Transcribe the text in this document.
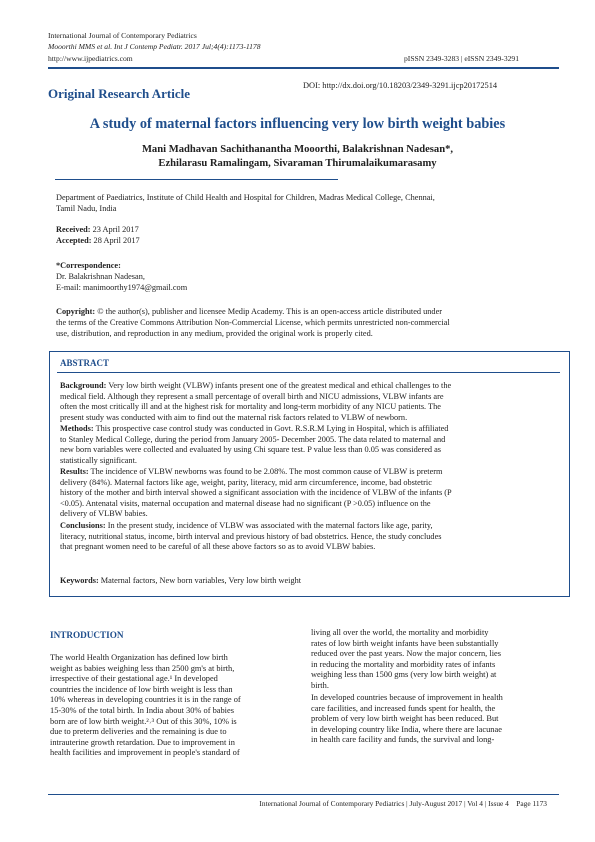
International Journal of Contemporary Pediatrics
Mooorthi MMS et al. Int J Contemp Pediatr. 2017 Jul;4(4):1173-1178
http://www.ijpediatrics.com	pISSN 2349-3283 | eISSN 2349-3291
DOI: http://dx.doi.org/10.18203/2349-3291.ijcp20172514
Original Research Article
A study of maternal factors influencing very low birth weight babies
Mani Madhavan Sachithanantha Mooorthi, Balakrishnan Nadesan*,
Ezhilarasu Ramalingam, Sivaraman Thirumalaikumarasamy
Department of Paediatrics, Institute of Child Health and Hospital for Children, Madras Medical College, Chennai,
Tamil Nadu, India
Received: 23 April 2017
Accepted: 28 April 2017
*Correspondence:
Dr. Balakrishnan Nadesan,
E-mail: manimoorthy1974@gmail.com
Copyright: © the author(s), publisher and licensee Medip Academy. This is an open-access article distributed under
the terms of the Creative Commons Attribution Non-Commercial License, which permits unrestricted non-commercial
use, distribution, and reproduction in any medium, provided the original work is properly cited.
ABSTRACT
Background: Very low birth weight (VLBW) infants present one of the greatest medical and ethical challenges to the
medical field. Although they represent a small percentage of overall birth and NICU admissions, VLBW infants are
often the most critically ill and at the highest risk for mortality and long-term morbidity of any NICU patients. The
present study was conducted with aim to find out the maternal risk factors related to VLBW of newborn.
Methods: This prospective case control study was conducted in Govt. R.S.R.M Lying in Hospital, which is affiliated
to Stanley Medical College, during the period from January 2005- December 2005. The data related to maternal and
new born variables were collected and evaluated by using Chi square test. P value less than 0.05 was considered as
statistically significant.
Results: The incidence of VLBW newborns was found to be 2.08%. The most common cause of VLBW is preterm
delivery (84%). Maternal factors like age, weight, parity, literacy, mid arm circumference, income, bad obstetric
history of the mother and birth interval showed a significant association with the incidence of VLBW of the infants (P
<0.05). Antenatal visits, maternal occupation and maternal disease had no significant (P >0.05) influence on the
delivery of VLBW babies.
Conclusions: In the present study, incidence of VLBW was associated with the maternal factors like age, parity,
literacy, nutritional status, income, birth interval and previous history of bad obstetrics. Hence, the study concludes
that pregnant women need to be careful of all these above factors so as to avoid VLBW babies.
Keywords: Maternal factors, New born variables, Very low birth weight
INTRODUCTION
The world Health Organization has defined low birth
weight as babies weighing less than 2500 gm's at birth,
irrespective of their gestational age.¹ In developed
countries the incidence of low birth weight is less than
10% whereas in developing countries it is in the range of
15-30% of the total birth. In India about 30% of babies
born are of low birth weight.²˒³ Out of this 30%, 10% is
due to preterm deliveries and the remaining is due to
intrauterine growth retardation. Due to improvement in
health facilities and improvement in people's standard of
living all over the world, the mortality and morbidity
rates of low birth weight infants have been substantially
reduced over the past years. Now the major concern, lies
in reducing the mortality and morbidity rates of infants
weighing less than 1500 gms (very low birth weight) at
birth.
In developed countries because of improvement in health
care facilities, and increased funds spent for health, the
problem of very low birth weight has been reduced. But
in developing country like India, where there are lacunae
in health care facility and funds, the survival and long-
International Journal of Contemporary Pediatrics | July-August 2017 | Vol 4 | Issue 4    Page 1173
